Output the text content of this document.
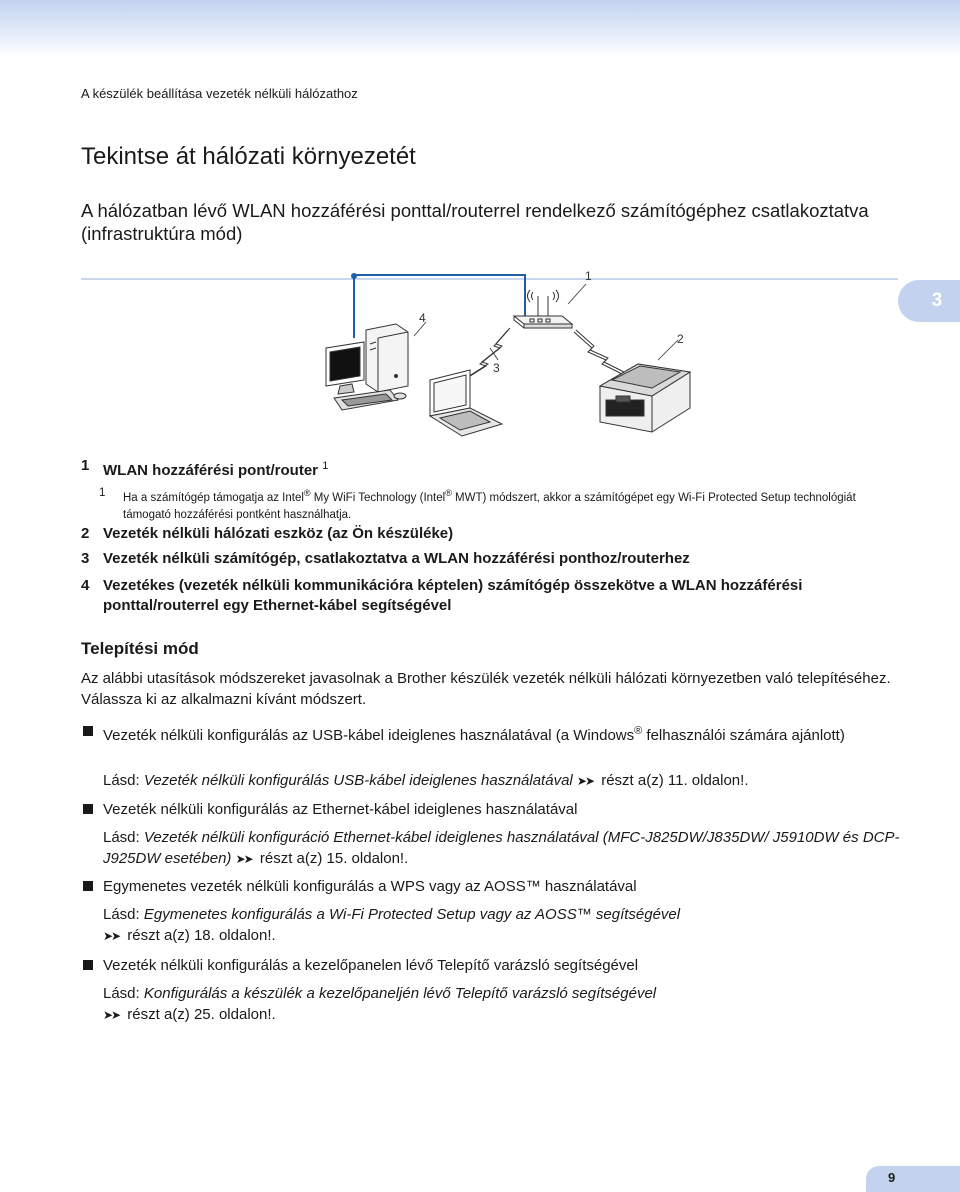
A készülék beállítása vezeték nélküli hálózathoz
Tekintse át hálózati környezetét
A hálózatban lévő WLAN hozzáférési ponttal/routerrel rendelkező számítógéphez csatlakoztatva (infrastruktúra mód)
3
1
2
3
4
1 WLAN hozzáférési pont/router $^1$
1 Ha a számítógép támogatja az Intel® My WiFi Technology (Intel® MWT) módszert, akkor a számítógépet egy Wi-Fi Protected Setup technológiát támogató hozzáférési pontként használhatja.
2 Vezeték nélküli hálózati eszköz (az Ön készüléke)
3 Vezeték nélküli számítógép, csatlakoztatva a WLAN hozzáférési ponthoz/routerhez
4 Vezetékes (vezeték nélküli kommunikációra képtelen) számítógép összekötve a WLAN hozzáférési ponttal/routerrel egy Ethernet-kábel segítségével
Telepítési mód
Az alábbi utasítások módszereket javasolnak a Brother készülék vezeték nélküli hálózati környezetben való telepítéséhez. Válassza ki az alkalmazni kívánt módszert.
Vezeték nélküli konfigurálás az USB-kábel ideiglenes használatával (a Windows® felhasználói számára ajánlott)
Lásd: Vezeték nélküli konfigurálás USB-kábel ideiglenes használatával ➤➤ részt a(z) 11. oldalon!.
Vezeték nélküli konfigurálás az Ethernet-kábel ideiglenes használatával
Lásd: Vezeték nélküli konfiguráció Ethernet-kábel ideiglenes használatával (MFC-J825DW/J835DW/ J5910DW és DCP-J925DW esetében) ➤➤ részt a(z) 15. oldalon!.
Egymenetes vezeték nélküli konfigurálás a WPS vagy az AOSS™ használatával
Lásd: Egymenetes konfigurálás a Wi-Fi Protected Setup vagy az AOSS™ segítségével
➤➤ részt a(z) 18. oldalon!.
Vezeték nélküli konfigurálás a kezelőpanelen lévő Telepítő varázsló segítségével
Lásd: Konfigurálás a készülék a kezelőpaneljén lévő Telepítő varázsló segítségével
➤➤ részt a(z) 25. oldalon!.
9
